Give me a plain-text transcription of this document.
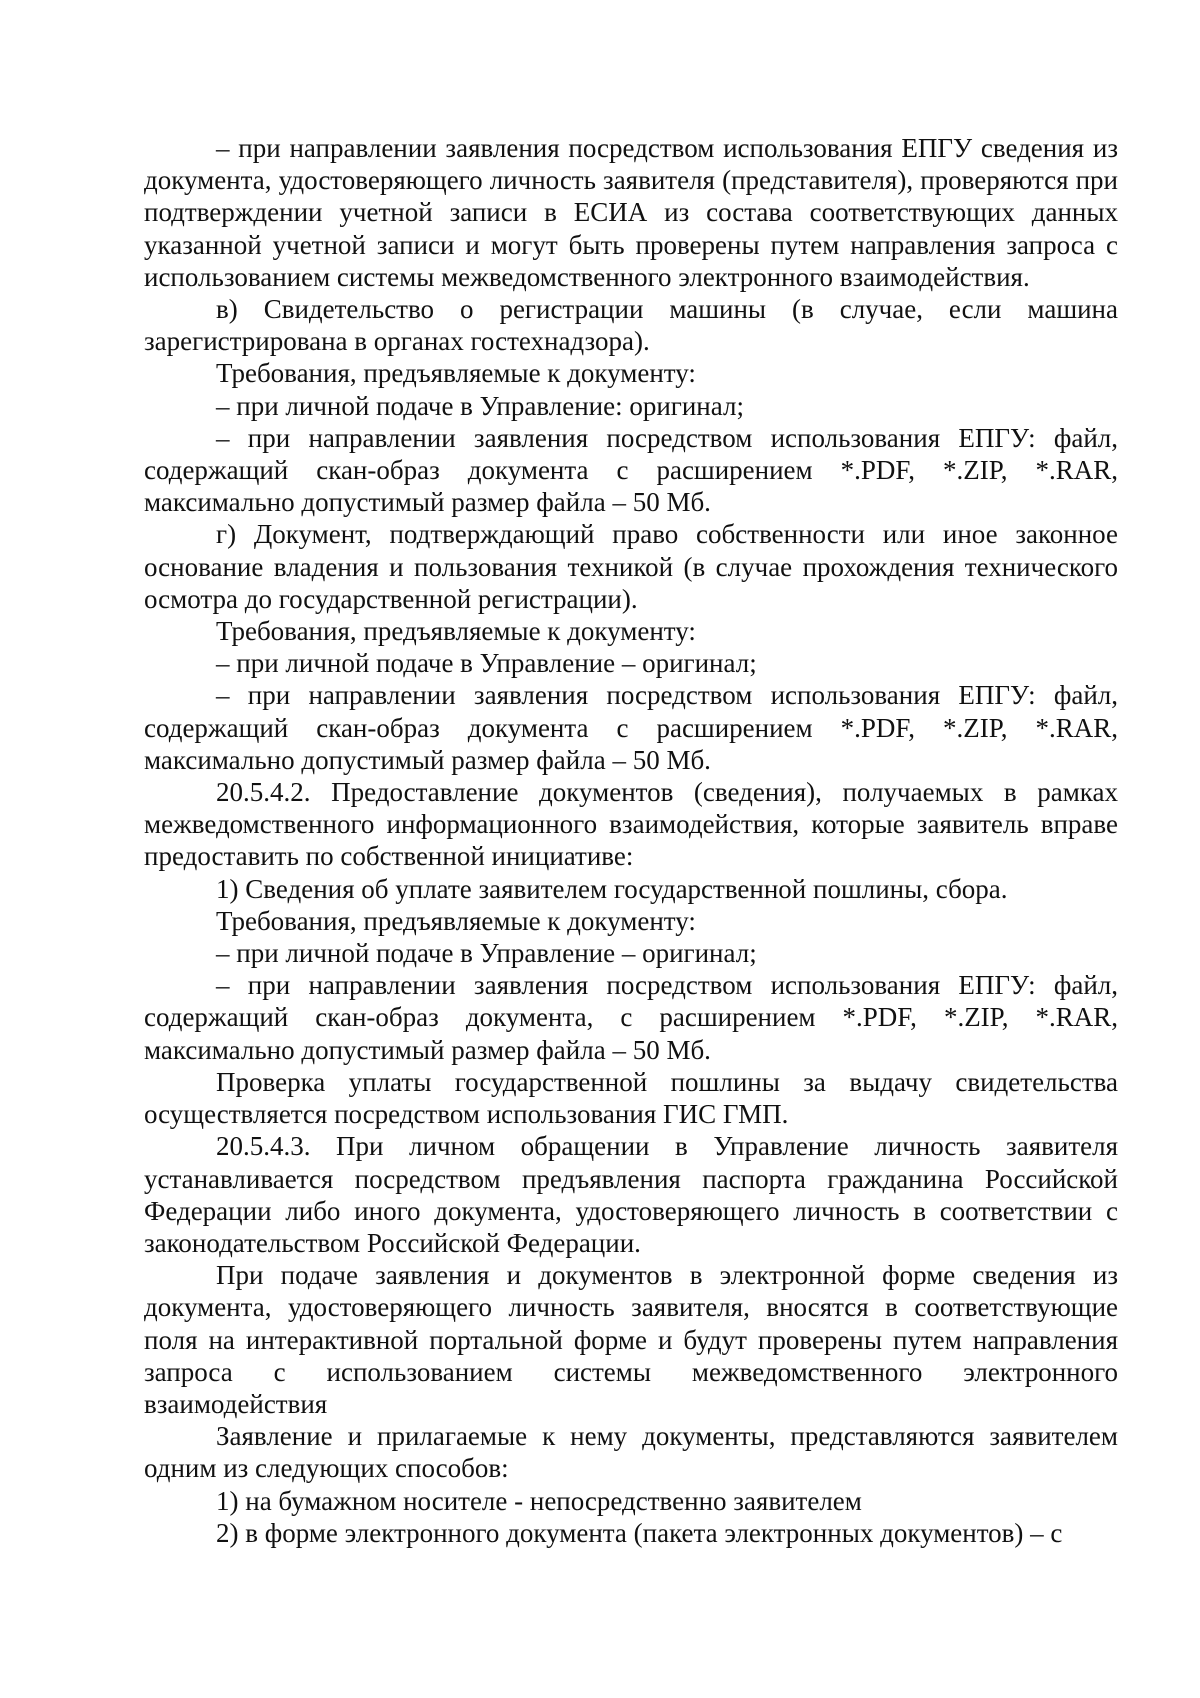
– при направлении заявления посредством использования ЕПГУ сведения из документа, удостоверяющего личность заявителя (представителя), проверяются при подтверждении учетной записи в ЕСИА из состава соответствующих данных указанной учетной записи и могут быть проверены путем направления запроса с использованием системы межведомственного электронного взаимодействия.

в) Свидетельство о регистрации машины (в случае, если машина зарегистрирована в органах гостехнадзора).

Требования, предъявляемые к документу:

– при личной подаче в Управление: оригинал;

– при направлении заявления посредством использования ЕПГУ: файл, содержащий скан-образ документа с расширением *.PDF, *.ZIP, *.RAR, максимально допустимый размер файла – 50 Мб.

г) Документ, подтверждающий право собственности или иное законное основание владения и пользования техникой (в случае прохождения технического осмотра до государственной регистрации).

Требования, предъявляемые к документу:

– при личной подаче в Управление – оригинал;

– при направлении заявления посредством использования ЕПГУ: файл, содержащий скан-образ документа с расширением *.PDF, *.ZIP, *.RAR, максимально допустимый размер файла – 50 Мб.

20.5.4.2. Предоставление документов (сведения), получаемых в рамках межведомственного информационного взаимодействия, которые заявитель вправе предоставить по собственной инициативе:

1) Сведения об уплате заявителем государственной пошлины, сбора.

Требования, предъявляемые к документу:

– при личной подаче в Управление – оригинал;

– при направлении заявления посредством использования ЕПГУ: файл, содержащий скан-образ документа, с расширением *.PDF, *.ZIP, *.RAR, максимально допустимый размер файла – 50 Мб.

Проверка уплаты государственной пошлины за выдачу свидетельства осуществляется посредством использования ГИС ГМП.

20.5.4.3. При личном обращении в Управление личность заявителя устанавливается посредством предъявления паспорта гражданина Российской Федерации либо иного документа, удостоверяющего личность в соответствии с законодательством Российской Федерации.

При подаче заявления и документов в электронной форме сведения из документа, удостоверяющего личность заявителя, вносятся в соответствующие поля на интерактивной портальной форме и будут проверены путем направления запроса с использованием системы межведомственного электронного взаимодействия

Заявление и прилагаемые к нему документы, представляются заявителем одним из следующих способов:

1) на бумажном носителе - непосредственно заявителем

2) в форме электронного документа (пакета электронных документов) – с
